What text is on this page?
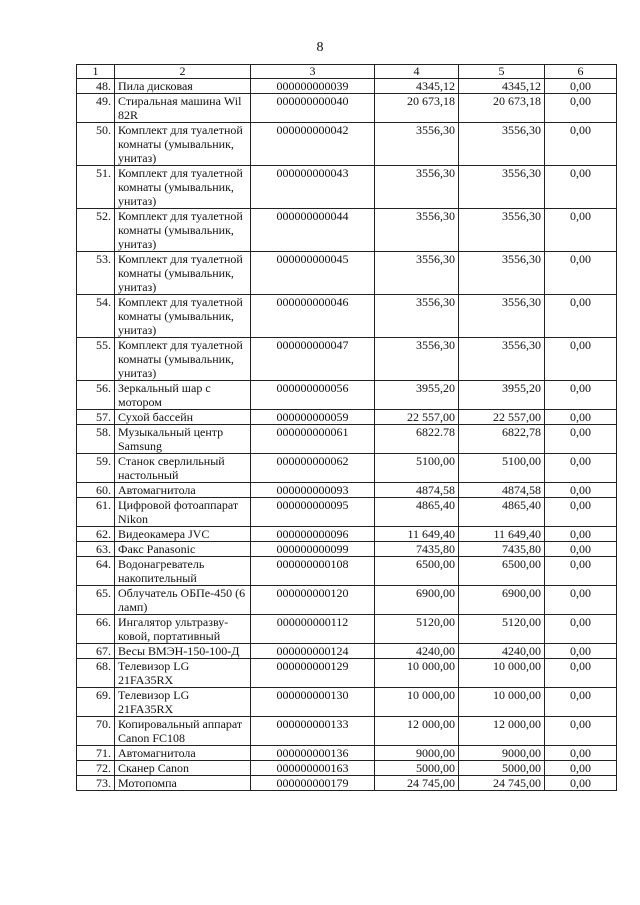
8
1	2	3	4	5	6
48.	Пила дисковая	000000000039	4345,12	4345,12	0,00
49.	Стиральная машина Wil 82R	000000000040	20 673,18	20 673,18	0,00
50.	Комплект для туалетной комнаты (умывальник, унитаз)	000000000042	3556,30	3556,30	0,00
51.	Комплект для туалетной комнаты (умывальник, унитаз)	000000000043	3556,30	3556,30	0,00
52.	Комплект для туалетной комнаты (умывальник, унитаз)	000000000044	3556,30	3556,30	0,00
53.	Комплект для туалетной комнаты (умывальник, унитаз)	000000000045	3556,30	3556,30	0,00
54.	Комплект для туалетной комнаты (умывальник, унитаз)	000000000046	3556,30	3556,30	0,00
55.	Комплект для туалетной комнаты (умывальник, унитаз)	000000000047	3556,30	3556,30	0,00
56.	Зеркальный шар с мотором	000000000056	3955,20	3955,20	0,00
57.	Сухой бассейн	000000000059	22 557,00	22 557,00	0,00
58.	Музыкальный центр Samsung	000000000061	6822.78	6822,78	0,00
59.	Станок сверлильный настольный	000000000062	5100,00	5100,00	0,00
60.	Автомагнитола	000000000093	4874,58	4874,58	0,00
61.	Цифровой фотоаппарат Nikon	000000000095	4865,40	4865,40	0,00
62.	Видеокамера JVC	000000000096	11 649,40	11 649,40	0,00
63.	Факс Panasonic	000000000099	7435,80	7435,80	0,00
64.	Водонагреватель накопительный	000000000108	6500,00	6500,00	0,00
65.	Облучатель ОБПе-450 (6 ламп)	000000000120	6900,00	6900,00	0,00
66.	Ингалятор ультразву-ковой, портативный	000000000112	5120,00	5120,00	0,00
67.	Весы ВМЭН-150-100-Д	000000000124	4240,00	4240,00	0,00
68.	Телевизор LG 21FA35RX	000000000129	10 000,00	10 000,00	0,00
69.	Телевизор LG 21FA35RX	000000000130	10 000,00	10 000,00	0,00
70.	Копировальный аппарат Canon FC108	000000000133	12 000,00	12 000,00	0,00
71.	Автомагнитола	000000000136	9000,00	9000,00	0,00
72.	Сканер Canon	000000000163	5000,00	5000,00	0,00
73.	Мотопомпа	000000000179	24 745,00	24 745,00	0,00
